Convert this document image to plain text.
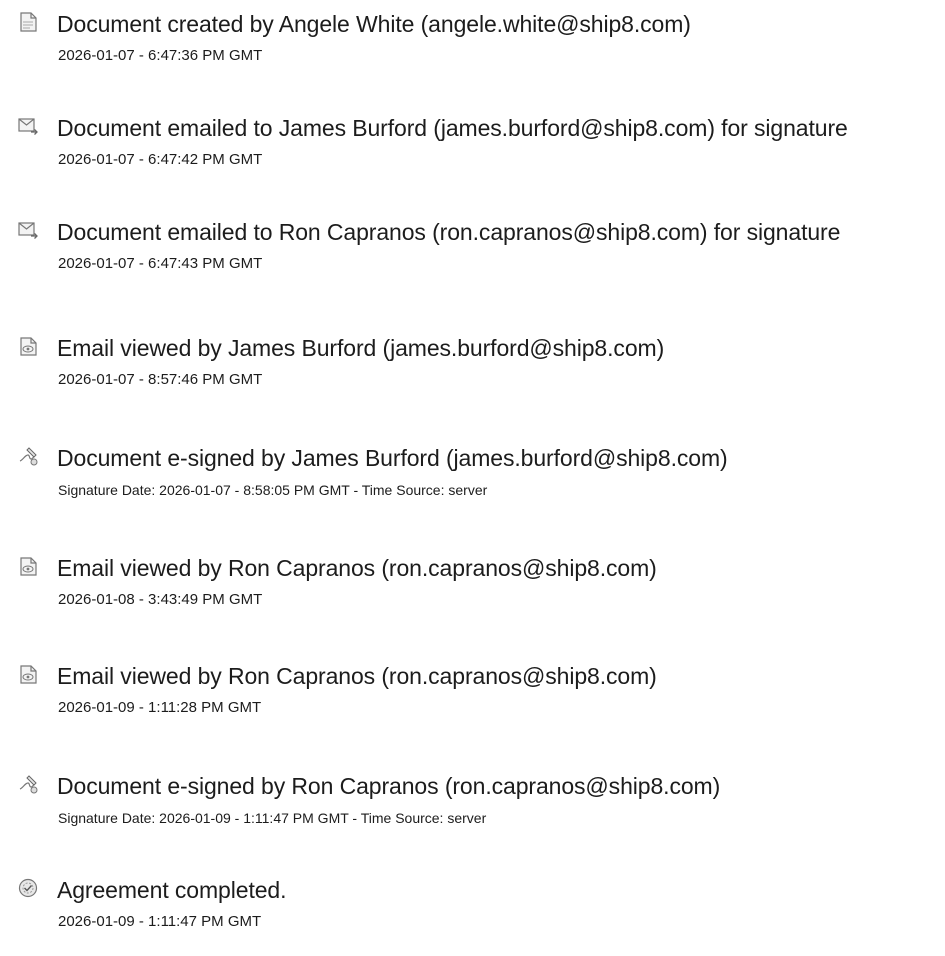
Document created by Angele White (angele.white@ship8.com)
2026-01-07 - 6:47:36 PM GMT
Document emailed to James Burford (james.burford@ship8.com) for signature
2026-01-07 - 6:47:42 PM GMT
Document emailed to Ron Capranos (ron.capranos@ship8.com) for signature
2026-01-07 - 6:47:43 PM GMT
Email viewed by James Burford (james.burford@ship8.com)
2026-01-07 - 8:57:46 PM GMT
Document e-signed by James Burford (james.burford@ship8.com)
Signature Date: 2026-01-07 - 8:58:05 PM GMT - Time Source: server
Email viewed by Ron Capranos (ron.capranos@ship8.com)
2026-01-08 - 3:43:49 PM GMT
Email viewed by Ron Capranos (ron.capranos@ship8.com)
2026-01-09 - 1:11:28 PM GMT
Document e-signed by Ron Capranos (ron.capranos@ship8.com)
Signature Date: 2026-01-09 - 1:11:47 PM GMT - Time Source: server
Agreement completed.
2026-01-09 - 1:11:47 PM GMT
